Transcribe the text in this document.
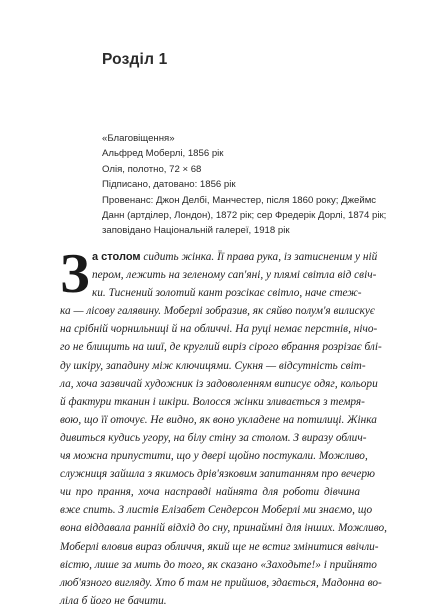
Розділ 1
«Благовіщення»
Альфред Моберлі, 1856 рік
Олія, полотно, 72 × 68
Підписано, датовано: 1856 рік
Провенанс: Джон Делбі, Манчестер, після 1860 року; Джеймс
Данн (артділер, Лондон), 1872 рік; сер Фредерік Дорлі, 1874 рік;
заповідано Національній галереї, 1918 рік
З а столом сидить жінка. Її права рука, із затиснeним у ній
пером, лежить на зеленому сап'яні, у плямі світла від свіч-
ки. Тиснений золотий кант розсікає світло, наче стеж-
ка — лісову галявину. Моберлі зобразив, як сяйво полум'я вилискує
на срібній чорнильниці й на обличчі. На руці немає перстнів, нічо-
го не блищить на шиї, де круглий виріз сірого вбрання розрізає блі-
ду шкіру, западину між ключицями. Сукня — відсутність світ-
ла, хоча зазвичай художник із задоволенням виписує одяг, кольори
й фактури тканин і шкіри. Волосся жінки зливається з темря-
вою, що її оточує. Не видно, як воно укладене на потилиці. Жінка
дивиться кудись угору, на білу стіну за столом. З виразу облич-
чя можна припустити, що у двері щойно постукали. Можливо,
служниця зайшла з якимось дрів'язковим запитанням про вечерю
чи про прання, хоча насправді найнята для роботи дівчина
вже спить. З листів Елізабет Сендерсон Моберлі ми знаємо, що
вона віддавала ранній відхід до сну, принаймні для інших. Можливо,
Моберлі вловив вираз обличчя, який ще не встиг змінитися ввічли-
вістю, лише за мить до того, як сказано «Заходьте!» і прийнято
люб'язного вигляду. Хто б там не прийшов, здається, Мадонна во-
ліла б його не бачити.
